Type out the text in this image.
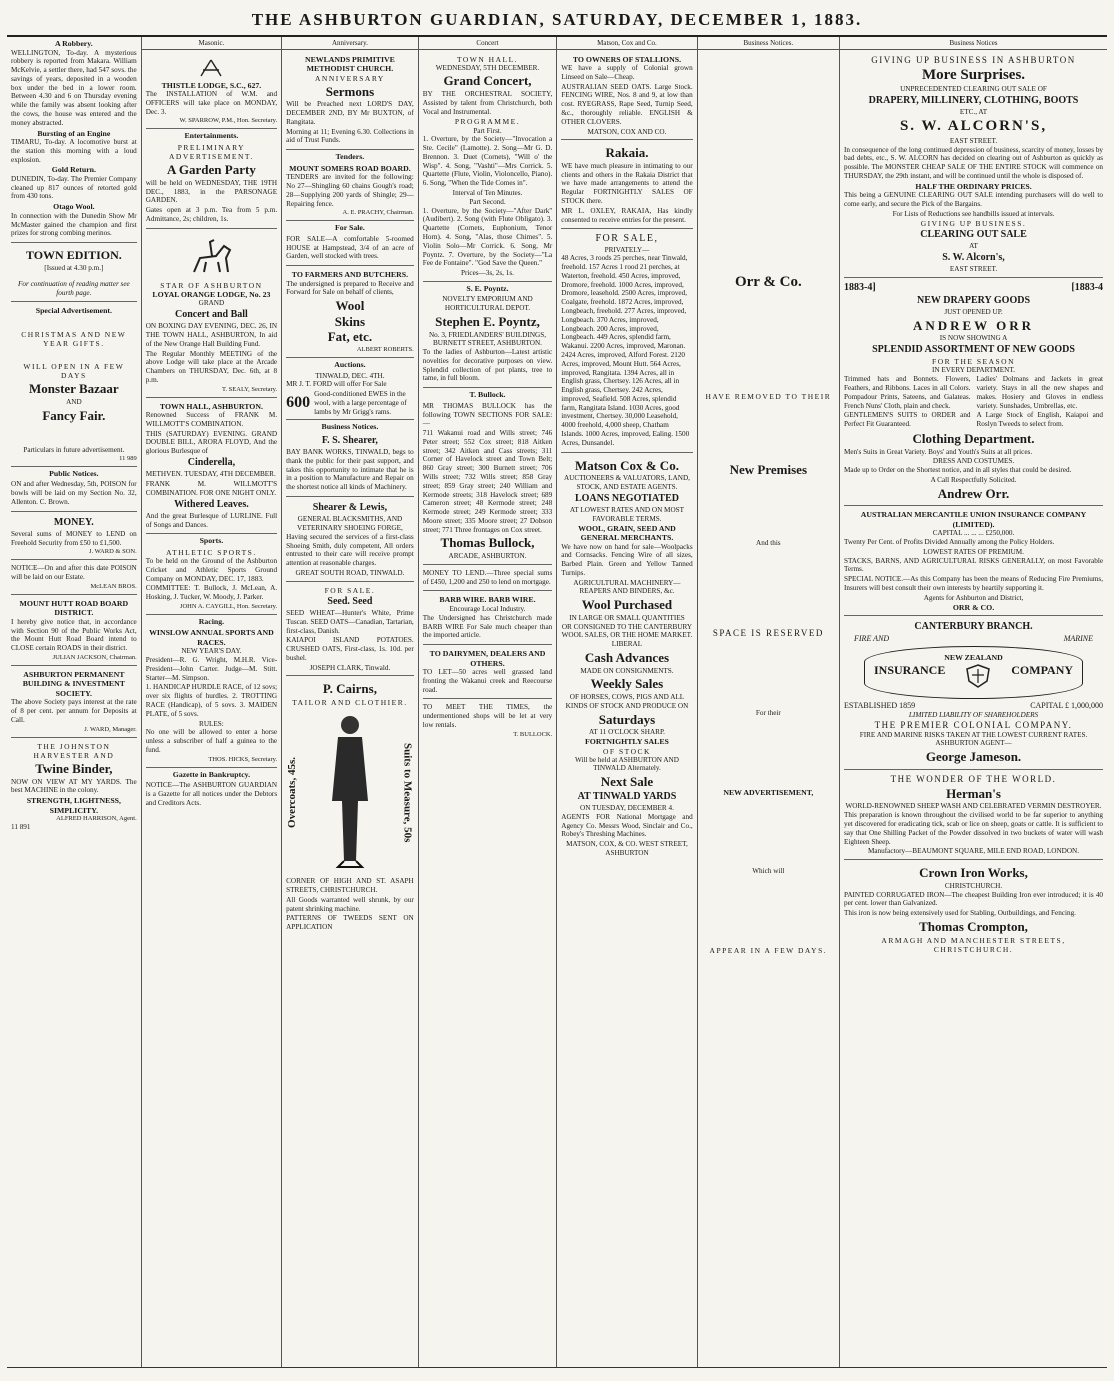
THE ASHBURTON GUARDIAN, SATURDAY, DECEMBER 1, 1883.
A Robbery.

WELLINGTON, To-day. A mysterious robbery is reported from Makara. William McKelvie, a settler there, had 547 sovs. the savings of years, deposited in a wooden box under the bed in a lower room. Between 4.30 and 6 on Thursday evening while the family was absent looking after the cows, the house was entered and the money abstracted.

Bursting of an Engine

TIMARU, To-day. A locomotive burst at the station this morning with a loud explosion.

Gold Return.

DUNEDIN, To-day. The Premier Company cleaned up 817 ounces of retorted gold from 430 tons.

Otago Wool.

In connection with the Dunedin Show Mr McMaster gained the champion and first prizes for strong combing merinos.

TOWN EDITION.
[Issued at 4.30 p.m.]
For continuation of reading matter see fourth page.
Special Advertisement.
CHRISTMAS AND NEW YEAR GIFTS.
WILL OPEN IN A FEW DAYS
Monster Bazaar
AND
Fancy Fair.
Particulars in future advertisement.
11 989
Public Notices.

ON and after Wednesday, 5th, POISON for bowls will be laid on my Section No. 32, Allenton. C. Brown.

MONEY.

Several sums of MONEY to LEND on Freehold Security from £50 to £1,500.

J. WARD & SON.

NOTICE—On and after this date POISON will be laid on our Estate.

McLEAN BROS.
MOUNT HUTT ROAD BOARD DISTRICT.

I hereby give notice that, in accordance with Section 90 of the Public Works Act, the Mount Hutt Road Board intend to CLOSE certain ROADS in their district.

JULIAN JACKSON, Chairman.
ASHBURTON PERMANENT BUILDING & INVESTMENT SOCIETY.

The above Society pays interest at the rate of 8 per cent. per annum for Deposits at Call.

J. WARD, Manager.
THE JOHNSTON HARVESTER AND
Twine Binder,

NOW ON VIEW AT MY YARDS. The best MACHINE in the colony.

STRENGTH, LIGHTNESS, SIMPLICITY.
ALFRED HARRISON, Agent.
11 891
Masonic.
THISTLE LODGE, S.C., 627.

The INSTALLATION of W.M. and OFFICERS will take place on MONDAY, Dec. 3.

W. SPARROW, P.M., Hon. Secretary.
Entertainments.
PRELIMINARY ADVERTISEMENT.
A Garden Party

will be held on WEDNESDAY, THE 19TH DEC., 1883, in the PARSONAGE GARDEN.

Gates open at 3 p.m. Tea from 5 p.m. Admittance, 2s; children, 1s.

STAR OF ASHBURTON
LOYAL ORANGE LODGE, No. 23
GRAND
Concert and Ball

ON BOXING DAY EVENING, DEC. 26, IN THE TOWN HALL, ASHBURTON, In aid of the New Orange Hall Building Fund.

The Regular Monthly MEETING of the above Lodge will take place at the Arcade Chambers on THURSDAY, Dec. 6th, at 8 p.m.

T. SEALY, Secretary.
TOWN HALL, ASHBURTON.

Renowned Success of FRANK M. WILLMOTT'S COMBINATION.

THIS (SATURDAY) EVENING. GRAND DOUBLE BILL, ARORA FLOYD, And the glorious Burlesque of

Cinderella,

METHVEN. TUESDAY, 4TH DECEMBER.

FRANK M. WILLMOTT'S COMBINATION. FOR ONE NIGHT ONLY.

Withered Leaves.

And the great Burlesque of LURLINE. Full of Songs and Dances.

Sports.
ATHLETIC SPORTS.

To be held on the Ground of the Ashburton Cricket and Athletic Sports Ground Company on MONDAY, DEC. 17, 1883.

COMMITTEE: T. Bullock, J. McLean, A. Hosking, J. Tucker, W. Moody, J. Parker.

JOHN A. CAYGILL, Hon. Secretary.
Racing.
WINSLOW ANNUAL SPORTS AND RACES.
NEW YEAR'S DAY.

President—R. G. Wright, M.H.R. Vice-President—John Carter. Judge—M. Stitt. Starter—M. Simpson.

1. HANDICAP HURDLE RACE, of 12 sovs; over six flights of hurdles. 2. TROTTING RACE (Handicap), of 5 sovs. 3. MAIDEN PLATE, of 5 sovs.

RULES:

No one will be allowed to enter a horse unless a subscriber of half a guinea to the fund.

THOS. HICKS, Secretary.
Gazette in Bankruptcy.

NOTICE—The ASHBURTON GUARDIAN is a Gazette for all notices under the Debtors and Creditors Acts.

Anniversary.
NEWLANDS PRIMITIVE METHODIST CHURCH.
ANNIVERSARY
Sermons

Will be Preached next LORD'S DAY, DECEMBER 2ND, BY Mr BUXTON, of Rangitata.

Morning at 11; Evening 6.30. Collections in aid of Trust Funds.

Tenders.
MOUNT SOMERS ROAD BOARD.

TENDERS are invited for the following: No 27—Shingling 60 chains Gough's road; 28—Supplying 200 yards of Shingle; 29—Repairing fence.

A. E. PRACHY, Chairman.
For Sale.

FOR SALE—A comfortable 5-roomed HOUSE at Hampstead, 3/4 of an acre of Garden, well stocked with trees.

TO FARMERS AND BUTCHERS.

The undersigned is prepared to Receive and Forward for Sale on behalf of clients,

Wool
Skins
Fat, etc.
ALBERT ROBERTS.
Auctions.
TINWALD, DEC. 4TH.

MR J. T. FORD will offer For Sale

600 Good-conditioned EWES in the wool, with a large percentage of lambs by Mr Grigg's rams.
Business Notices.
F. S. Shearer,

BAY BANK WORKS, TINWALD, begs to thank the public for their past support, and takes this opportunity to intimate that he is in a position to Manufacture and Repair on the shortest notice all kinds of Machinery.

Shearer & Lewis,
GENERAL BLACKSMITHS, AND VETERINARY SHOEING FORGE,

Having secured the services of a first-class Shoeing Smith, duly competent, All orders entrusted to their care will receive prompt attention at reasonable charges.

GREAT SOUTH ROAD, TINWALD.
FOR SALE.
Seed. Seed

SEED WHEAT—Hunter's White, Prime Tuscan. SEED OATS—Canadian, Tartarian, first-class, Danish.

KAIAPOI ISLAND POTATOES. CRUSHED OATS, First-class, 1s. 10d. per bushel.

JOSEPH CLARK, Tinwald.
P. Cairns,
TAILOR AND CLOTHIER.
Overcoats, 45s.	Suits to Measure, 50s

CORNER OF HIGH AND ST. ASAPH STREETS, CHRISTCHURCH.

All Goods warranted well shrunk, by our patent shrinking machine.

PATTERNS OF TWEEDS SENT ON APPLICATION

Concert
TOWN HALL.
WEDNESDAY, 5TH DECEMBER.
Grand Concert,

BY THE ORCHESTRAL SOCIETY, Assisted by talent from Christchurch, both Vocal and Instrumental.

PROGRAMME.
Part First.

1. Overture, by the Society—"Invocation a Ste. Cecile" (Lamotte). 2. Song—Mr G. D. Brennon. 3. Duet (Cornets), "Will o' the Wisp". 4. Song, "Vashti"—Mrs Corrick. 5. Quartette (Flute, Violin, Violoncello, Piano). 6. Song, "When the Tide Comes in".

Interval of Ten Minutes.
Part Second.

1. Overture, by the Society—"After Dark" (Audibert). 2. Song (with Flute Obligato). 3. Quartette (Cornets, Euphonium, Tenor Horn). 4. Song, "Alas, those Chimes". 5. Violin Solo—Mr Corrick. 6. Song, Mr Poyntz. 7. Overture, by the Society—"La Fee de Fontaine". "God Save the Queen."

Prices—3s, 2s, 1s.
S. E. Poyntz.
NOVELTY EMPORIUM AND HORTICULTURAL DEPOT.
Stephen E. Poyntz,
No. 3, FRIEDLANDERS' BUILDINGS, BURNETT STREET, ASHBURTON.

To the ladies of Ashburton—Latest artistic novelties for decorative purposes on view. Splendid collection of pot plants, tree to tame, in full bloom.

T. Bullock.

MR THOMAS BULLOCK has the following TOWN SECTIONS FOR SALE:—

711 Wakanui road and Wills street; 746 Peter street; 552 Cox street; 818 Aitken street; 342 Aitken and Cass streets; 311 Corner of Havelock street and Town Belt; 860 Gray street; 300 Burnett street; 706 Wills street; 732 Wills street; 858 Gray street; 859 Gray street; 240 William and Kermode streets; 318 Havelock street; 689 Cameron street; 48 Kermode street; 248 Kermode street; 249 Kermode street; 333 Moore street; 335 Moore street; 27 Dobson street; 771 Three frontages on Cox street.

Thomas Bullock,
ARCADE, ASHBURTON.

MONEY TO LEND.—Three special sums of £450, 1,200 and 250 to lend on mortgage.

BARB WIRE. BARB WIRE.
Encourage Local Industry.

The Undersigned has Christchurch made BARB WIRE For Sale much cheaper than the imported article.

TO DAIRYMEN, DEALERS AND OTHERS.

TO LET—50 acres well grassed land fronting the Wakanui creek and Reecourse road.

TO MEET THE TIMES, the undermentioned shops will be let at very low rentals.

T. BULLOCK.
Matson, Cox and Co.
TO OWNERS OF STALLIONS.

WE have a supply of Colonial grown Linseed on Sale—Cheap.

AUSTRALIAN SEED OATS. Large Stock. FENCING WIRE, Nos. 8 and 9, at low than cost. RYEGRASS, Rape Seed, Turnip Seed, &c., thoroughly reliable. ENGLISH & OTHER CLOVERS.

MATSON, COX AND CO.
Rakaia.

WE have much pleasure in intimating to our clients and others in the Rakaia District that we have made arrangements to attend the Regular FORTNIGHTLY SALES OF STOCK there.

MR L. OXLEY, RAKAIA, Has kindly consented to receive entries for the present.

FOR SALE,
PRIVATELY—

48 Acres, 3 roods 25 perches, near Tinwald, freehold. 157 Acres 1 rood 21 perches, at Waterton, freehold. 450 Acres, improved, Dromore, freehold. 1000 Acres, improved, Dromore, leasehold. 2500 Acres, improved, Coalgate, freehold. 1872 Acres, improved, Longbeach, freehold. 277 Acres, improved, Longbeach. 370 Acres, improved, Longbeach. 200 Acres, improved, Longbeach. 449 Acres, splendid farm, Wakanui. 2200 Acres, improved, Maronan. 2424 Acres, improved, Alford Forest. 2120 Acres, improved, Mount Hutt. 564 Acres, improved, Rangitata. 1394 Acres, all in English grass, Chertsey. 126 Acres, all in English grass, Chertsey. 242 Acres, improved, Seafield. 508 Acres, splendid farm, Rangitata Island. 1030 Acres, good investment, Chertsey. 30,000 Leasehold, 4000 freehold, 4,000 sheep, Chatham Islands. 1000 Acres, improved, Ealing. 1500 Acres, Dunsandel.

Matson Cox & Co.
AUCTIONEERS & VALUATORS, LAND, STOCK, AND ESTATE AGENTS.
LOANS NEGOTIATED
AT LOWEST RATES AND ON MOST FAVORABLE TERMS.
WOOL, GRAIN, SEED AND GENERAL MERCHANTS.

We have now on hand for sale—Woolpacks and Cornsacks. Fencing Wire of all sizes, Barbed Plain. Green and Yellow Tanned Turnips.

AGRICULTURAL MACHINERY—REAPERS AND BINDERS, &c.
Wool Purchased
IN LARGE OR SMALL QUANTITIES
OR CONSIGNED TO THE CANTERBURY WOOL SALES, OR THE HOME MARKET.
LIBERAL
Cash Advances
MADE ON CONSIGNMENTS.
Weekly Sales
OF HORSES, COWS, PIGS AND ALL KINDS OF STOCK AND PRODUCE ON
Saturdays
AT 11 O'CLOCK SHARP.
FORTNIGHTLY SALES
OF STOCK
Will be held at ASHBURTON AND TINWALD Alternately.
Next Sale
AT TINWALD YARDS
ON TUESDAY, DECEMBER 4.

AGENTS FOR National Mortgage and Agency Co. Messrs Wood, Sinclair and Co., Robey's Threshing Machines.

MATSON, COX, & CO. WEST STREET, ASHBURTON
Business Notices.
Orr & Co.
HAVE REMOVED TO THEIR
New Premises
And this
SPACE IS RESERVED
For their
NEW ADVERTISEMENT,
Which will
APPEAR IN A FEW DAYS.
Business Notices
GIVING UP BUSINESS IN ASHBURTON
More Surprises.
UNPRECEDENTED CLEARING OUT SALE OF
DRAPERY, MILLINERY, CLOTHING, BOOTS
ETC., AT
S. W. ALCORN'S,
EAST STREET.

In consequence of the long continued depression of business, scarcity of money, losses by bad debts, etc., S. W. ALCORN has decided on clearing out of Ashburton as quickly as possible. The MONSTER CHEAP SALE OF THE ENTIRE STOCK will commence on THURSDAY, the 29th instant, and will be continued until the whole is disposed of.

HALF THE ORDINARY PRICES.

This being a GENUINE CLEARING OUT SALE intending purchasers will do well to come early, and secure the Pick of the Bargains.

For Lists of Reductions see handbills issued at intervals.
GIVING UP BUSINESS.
CLEARING OUT SALE
AT
S. W. Alcorn's,
EAST STREET.
1883-4]	[1883-4
NEW DRAPERY GOODS
JUST OPENED UP.
ANDREW ORR
IS NOW SHOWING A
SPLENDID ASSORTMENT OF NEW GOODS
FOR THE SEASON
IN EVERY DEPARTMENT.

Trimmed hats and Bonnets. Flowers, Feathers, and Ribbons. Laces in all Colors. Pompadour Prints, Sateens, and Galateas. French Nuns' Cloth, plain and check.

Ladies' Dolmans and Jackets in great variety. Stays in all the new shapes and makes. Hosiery and Gloves in endless variety. Sunshades, Umbrellas, etc.

GENTLEMEN'S SUITS to ORDER and Perfect Fit Guaranteed.

A Large Stock of English, Kaiapoi and Roslyn Tweeds to select from.

Clothing Department.

Men's Suits in Great Variety. Boys' and Youth's Suits at all prices.

DRESS AND COSTUMES.

Made up to Order on the Shortest notice, and in all styles that could be desired.

A Call Respectfully Solicited.
Andrew Orr.
AUSTRALIAN MERCANTILE UNION INSURANCE COMPANY (LIMITED).
CAPITAL ... ... ... £250,000.

Twenty Per Cent. of Profits Divided Annually among the Policy Holders.

LOWEST RATES OF PREMIUM.

STACKS, BARNS, AND AGRICULTURAL RISKS GENERALLY, on most Favorable Terms.

SPECIAL NOTICE.—As this Company has been the means of Reducing Fire Premiums, Insurers will best consult their own interests by heartily supporting it.

Agents for Ashburton and District,
ORR & CO.
CANTERBURY BRANCH.
FIRE AND	MARINE
NEW ZEALAND
INSURANCE	COMPANY
ESTABLISHED 1859	CAPITAL £ 1,000,000
LIMITED LIABILITY OF SHAREHOLDERS
THE PREMIER COLONIAL COMPANY.
FIRE AND MARINE RISKS TAKEN AT THE LOWEST CURRENT RATES.
ASHBURTON AGENT—
George Jameson.
THE WONDER OF THE WORLD.
Herman's
WORLD-RENOWNED SHEEP WASH AND CELEBRATED VERMIN DESTROYER.

This preparation is known throughout the civilised world to be far superior to anything yet discovered for eradicating tick, scab or lice on sheep, goats or cattle. It is sufficient to say that One Shilling Packet of the Powder dissolved in two buckets of water will wash Eighteen Sheep.

Manufactory—BEAUMONT SQUARE, MILE END ROAD, LONDON.
Crown Iron Works,
CHRISTCHURCH.

PAINTED CORRUGATED IRON—The cheapest Building Iron ever introduced; it is 40 per cent. lower than Galvanized.

This iron is now being extensively used for Stabling, Outbuildings, and Fencing.

Thomas Crompton,
ARMAGH AND MANCHESTER STREETS, CHRISTCHURCH.
